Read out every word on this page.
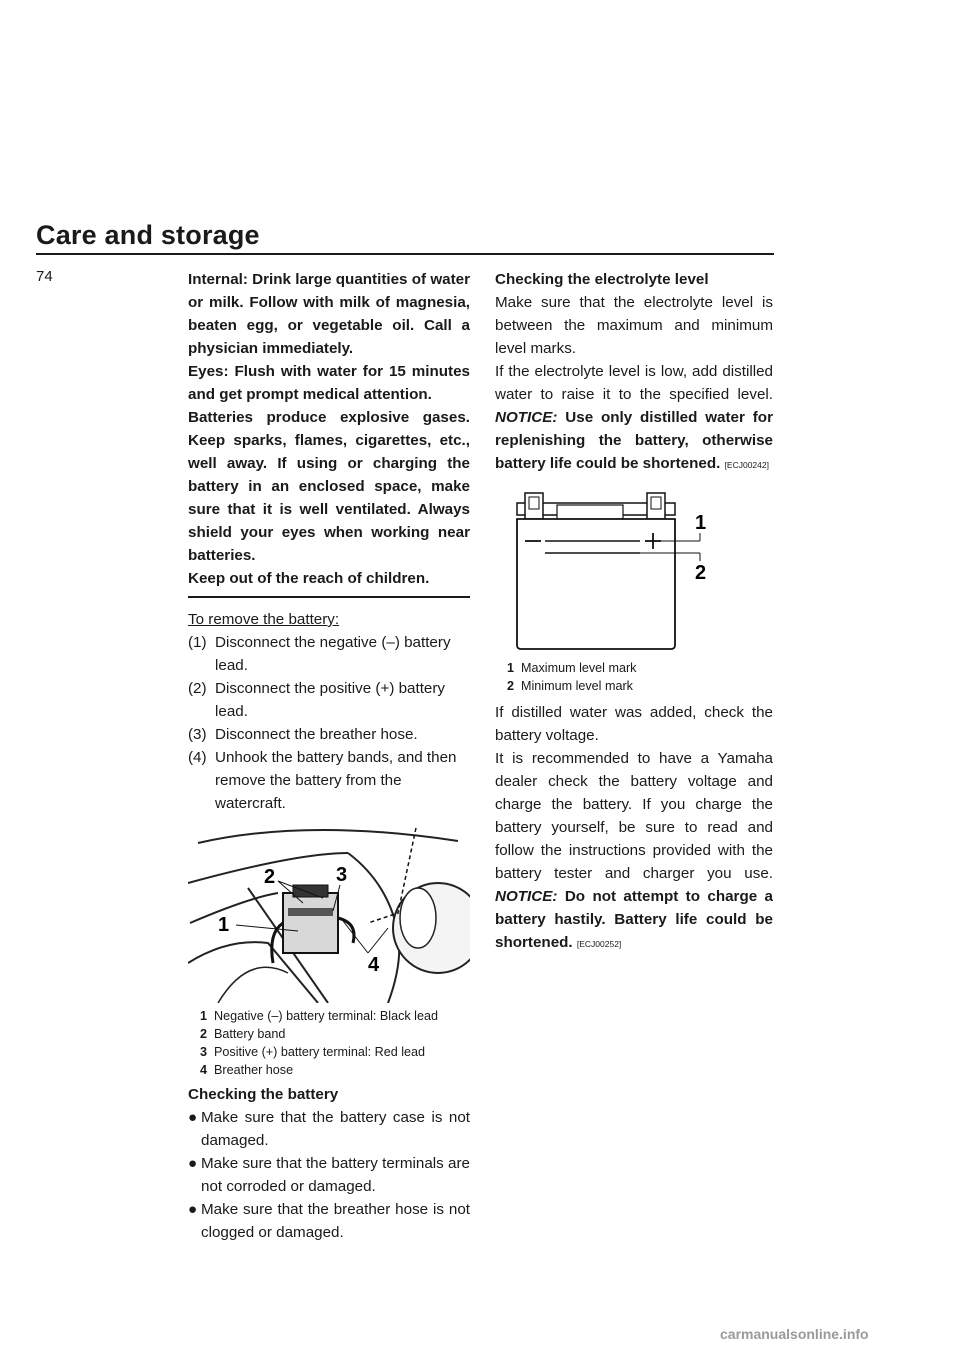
Care and storage
74	Internal: Drink large quantities of water or milk. Follow with milk of magnesia, beaten egg, or vegetable oil. Call a physician immediately.

Eyes: Flush with water for 15 minutes and get prompt medical attention.

Batteries produce explosive gases. Keep sparks, flames, cigarettes, etc., well away. If using or charging the battery in an enclosed space, make sure that it is well ventilated. Always shield your eyes when working near batteries.

Keep out of the reach of children.

To remove the battery:
(1) Disconnect the negative (–) battery lead.
(2) Disconnect the positive (+) battery lead.
(3) Disconnect the breather hose.
(4) Unhook the battery bands, and then remove the battery from the watercraft.
1
2	3
4
1 Negative (–) battery terminal: Black lead
2 Battery band
3 Positive (+) battery terminal: Red lead
4 Breather hose
Checking the battery
● Make sure that the battery case is not damaged.
● Make sure that the battery terminals are not corroded or damaged.
● Make sure that the breather hose is not clogged or damaged.
Checking the electrolyte level

Make sure that the electrolyte level is between the maximum and minimum level marks.

If the electrolyte level is low, add distilled water to raise it to the specified level. NOTICE: Use only distilled water for replenishing the battery, otherwise battery life could be shortened. [ECJ00242]

1
2
1 Maximum level mark
2 Minimum level mark

If distilled water was added, check the battery voltage.

It is recommended to have a Yamaha dealer check the battery voltage and charge the battery. If you charge the battery yourself, be sure to read and follow the instructions provided with the battery tester and charger you use. NOTICE: Do not attempt to charge a battery hastily. Battery life could be shortened. [ECJ00252]

carmanualsonline.info
